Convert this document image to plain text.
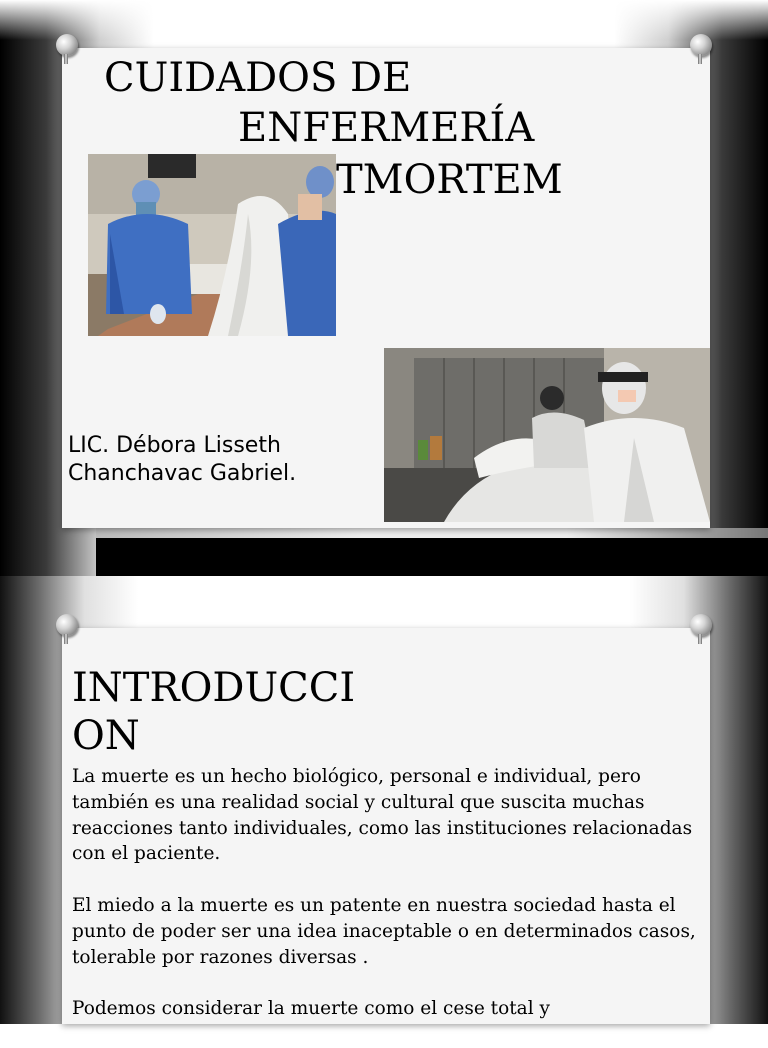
CUIDADOS DE
ENFERMERÍA
TMORTEM
LIC. Débora Lisseth Chanchavac Gabriel.
INTRODUCCI ON

La muerte es un hecho biológico, personal e individual, pero también es una realidad social y cultural que suscita muchas reacciones tanto individuales, como las instituciones relacionadas con el paciente.

El miedo a la muerte es un patente en nuestra sociedad hasta el punto de poder ser una idea inaceptable o en determinados casos, tolerable por razones diversas .

Podemos considerar la muerte como el cese total y
